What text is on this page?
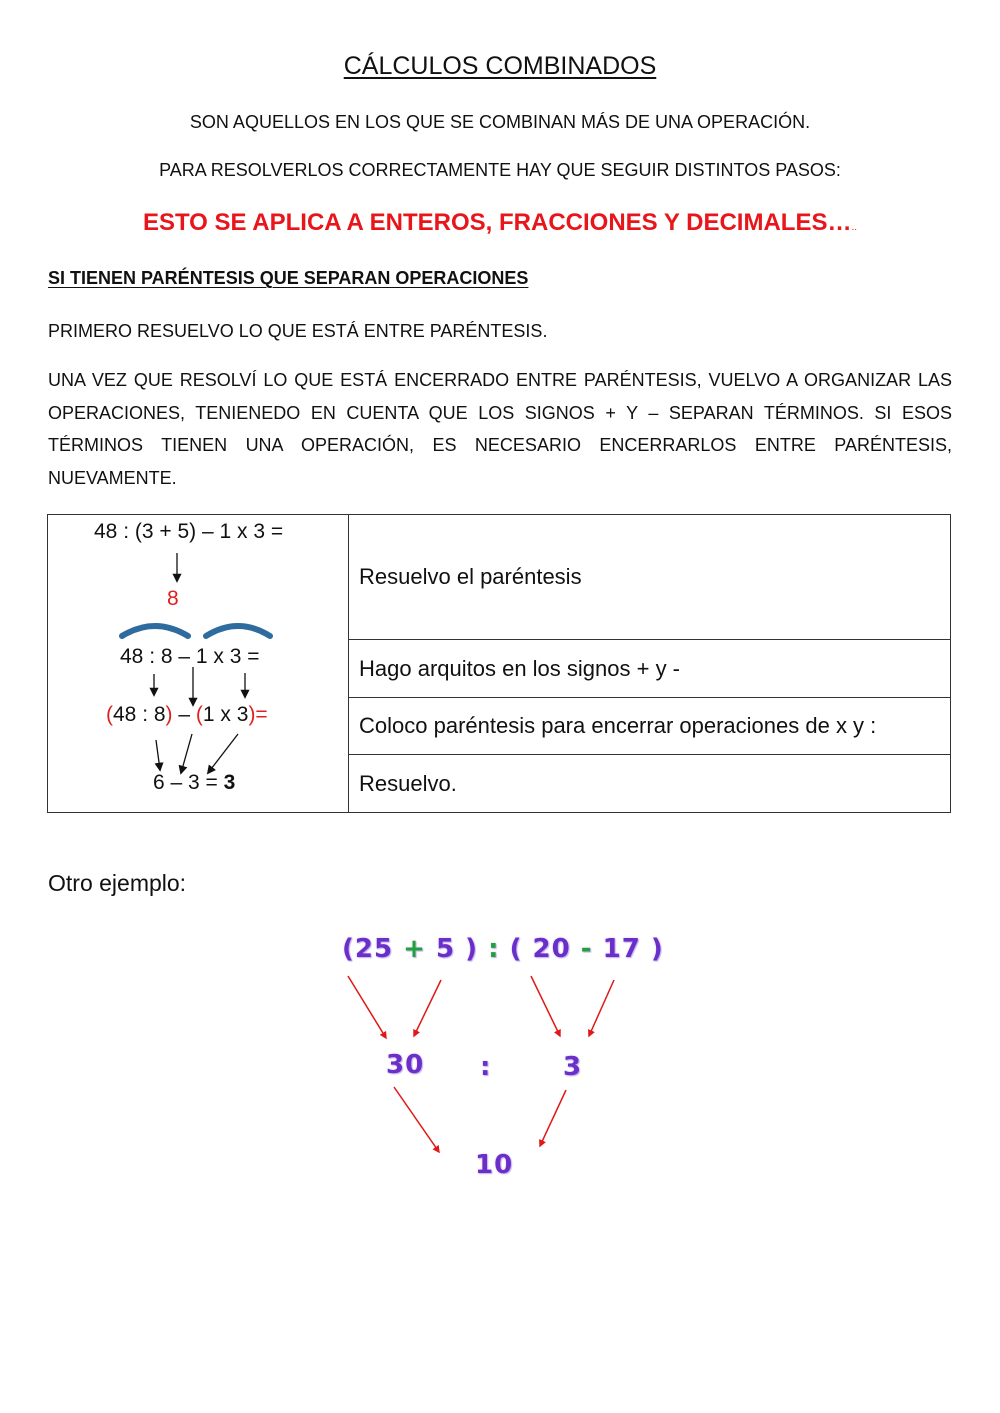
CÁLCULOS COMBINADOS
SON AQUELLOS EN LOS QUE SE COMBINAN MÁS DE UNA OPERACIÓN.
PARA RESOLVERLOS CORRECTAMENTE HAY QUE SEGUIR DISTINTOS PASOS:
ESTO SE APLICA A ENTEROS, FRACCIONES Y DECIMALES…..
SI TIENEN PARÉNTESIS QUE SEPARAN OPERACIONES
PRIMERO RESUELVO LO QUE ESTÁ ENTRE PARÉNTESIS.
UNA VEZ QUE RESOLVÍ LO QUE ESTÁ ENCERRADO ENTRE PARÉNTESIS, VUELVO A ORGANIZAR LAS OPERACIONES, TENIENEDO EN CUENTA QUE LOS SIGNOS + Y – SEPARAN TÉRMINOS. SI ESOS TÉRMINOS TIENEN UNA OPERACIÓN, ES NECESARIO ENCERRARLOS ENTRE PARÉNTESIS, NUEVAMENTE.
48 : (3 + 5) – 1 x 3 =
8
48 : 8 – 1 x 3 =
(48 : 8) – (1 x 3)=
6 – 3 = 3
	Resuelvo el paréntesis
Hago arquitos en los signos + y -
Coloco paréntesis para encerrar operaciones de x y :
Resuelvo.
Otro ejemplo:
(25 + 5 ) : ( 20 - 17 )
30 :	3
10
